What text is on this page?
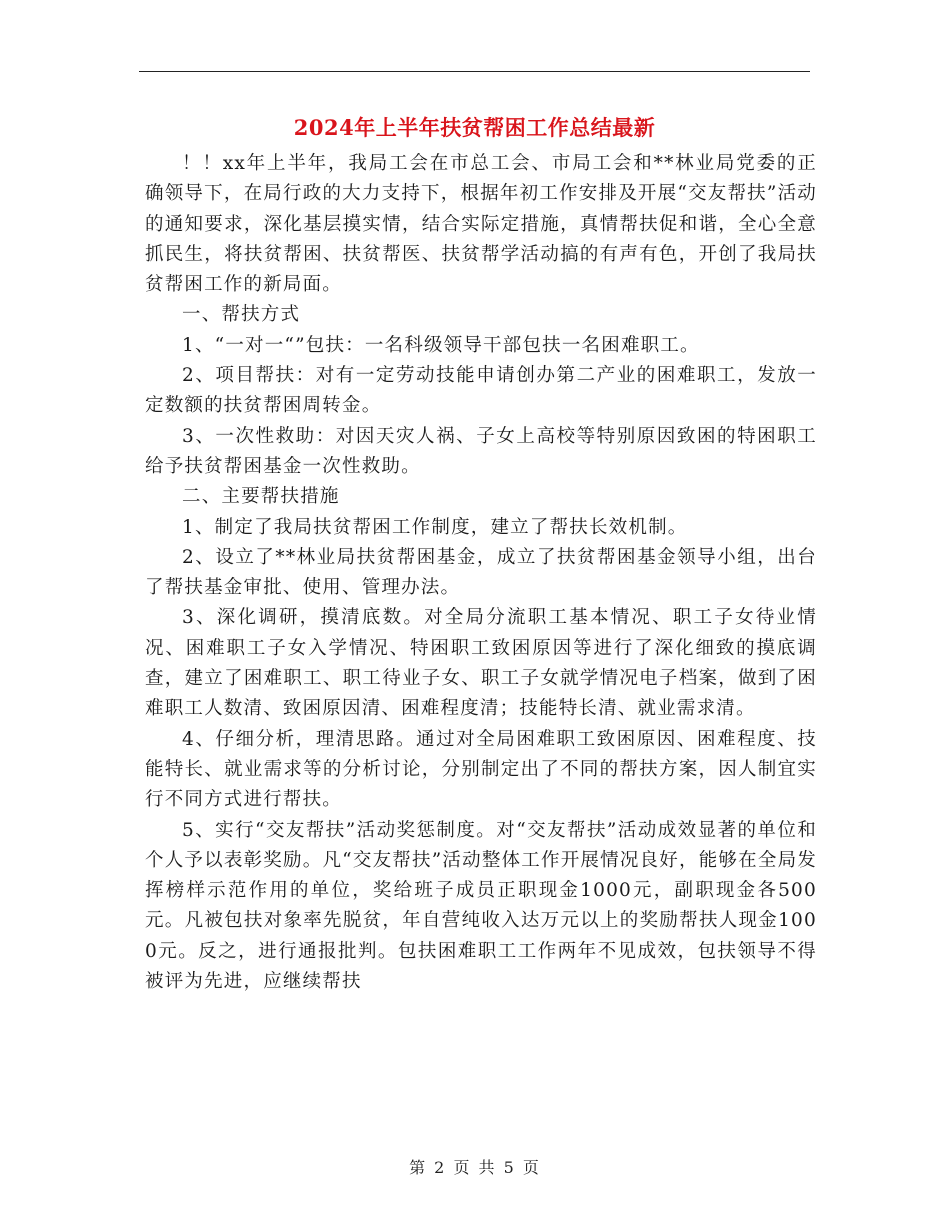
2024年上半年扶贫帮困工作总结最新

！！xx年上半年，我局工会在市总工会、市局工会和**林业局党委的正确领导下，在局行政的大力支持下，根据年初工作安排及开展“交友帮扶”活动的通知要求，深化基层摸实情，结合实际定措施，真情帮扶促和谐，全心全意抓民生，将扶贫帮困、扶贫帮医、扶贫帮学活动搞的有声有色，开创了我局扶贫帮困工作的新局面。

一、帮扶方式

1、“一对一“”包扶：一名科级领导干部包扶一名困难职工。

2、项目帮扶：对有一定劳动技能申请创办第二产业的困难职工，发放一定数额的扶贫帮困周转金。

3、一次性救助：对因天灾人祸、子女上高校等特别原因致困的特困职工给予扶贫帮困基金一次性救助。

二、主要帮扶措施

1、制定了我局扶贫帮困工作制度，建立了帮扶长效机制。

2、设立了**林业局扶贫帮困基金，成立了扶贫帮困基金领导小组，出台了帮扶基金审批、使用、管理办法。

3、深化调研，摸清底数。对全局分流职工基本情况、职工子女待业情况、困难职工子女入学情况、特困职工致困原因等进行了深化细致的摸底调查，建立了困难职工、职工待业子女、职工子女就学情况电子档案，做到了困难职工人数清、致困原因清、困难程度清；技能特长清、就业需求清。

4、仔细分析，理清思路。通过对全局困难职工致困原因、困难程度、技能特长、就业需求等的分析讨论，分别制定出了不同的帮扶方案，因人制宜实行不同方式进行帮扶。

5、实行“交友帮扶”活动奖惩制度。对“交友帮扶”活动成效显著的单位和个人予以表彰奖励。凡“交友帮扶”活动整体工作开展情况良好，能够在全局发挥榜样示范作用的单位，奖给班子成员正职现金1000元，副职现金各500元。凡被包扶对象率先脱贫，年自营纯收入达万元以上的奖励帮扶人现金1000元。反之，进行通报批判。包扶困难职工工作两年不见成效，包扶领导不得被评为先进，应继续帮扶

第 2 页 共 5 页
